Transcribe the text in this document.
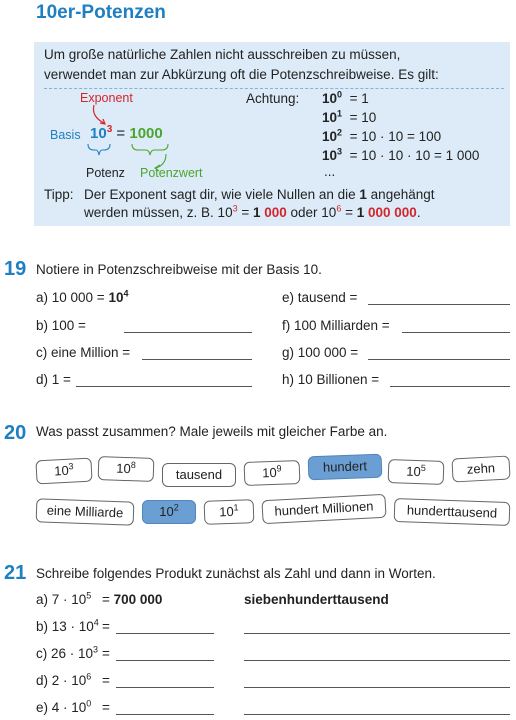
10er-Potenzen
Um große natürliche Zahlen nicht ausschreiben zu müssen,
verwendet man zur Abkürzung oft die Potenzschreibweise. Es gilt:
Exponent
Basis $10^3 = 1000$
Potenz Potenzwert
Achtung: $10^0 = 1$
$10^1 = 10$
$10^2 = 10 \cdot 10 = 100$
$10^3 = 10 \cdot 10 \cdot 10 = 1$ 000
...
Tipp: Der Exponent sagt dir, wie viele Nullen an die 1 angehängt
werden müssen, z. B. $10^3 = 1$ 000 oder $10^6 = 1$ 000 000.
19 Notiere in Potenzschreibweise mit der Basis 10.
a) 10 $000 = 10^4$
b) 100 =
c) eine Million =
d) 1 =
e) tausend =
f) 100 Milliarden =
g) 100 000 =
h) 10 Billionen =
20 Was passt zusammen? Male jeweils mit gleicher Farbe an.
$10^3$	$10^8$
tausend	$10^9$	hundert	$10^5$	zehn
eine Milliarde	$10^2$	$10^1$	hundert Millionen	hunderttausend
21 Schreibe folgendes Produkt zunächst als Zahl und dann in Worten.
a) $7 \cdot 10^5 = 700$ 000	siebenhunderttausend
b) $13 \cdot 10^4$ =
c) $26 \cdot 10^3$ =
d) $2 \cdot 10^6$ =
e) $4 \cdot 10^0$ =
